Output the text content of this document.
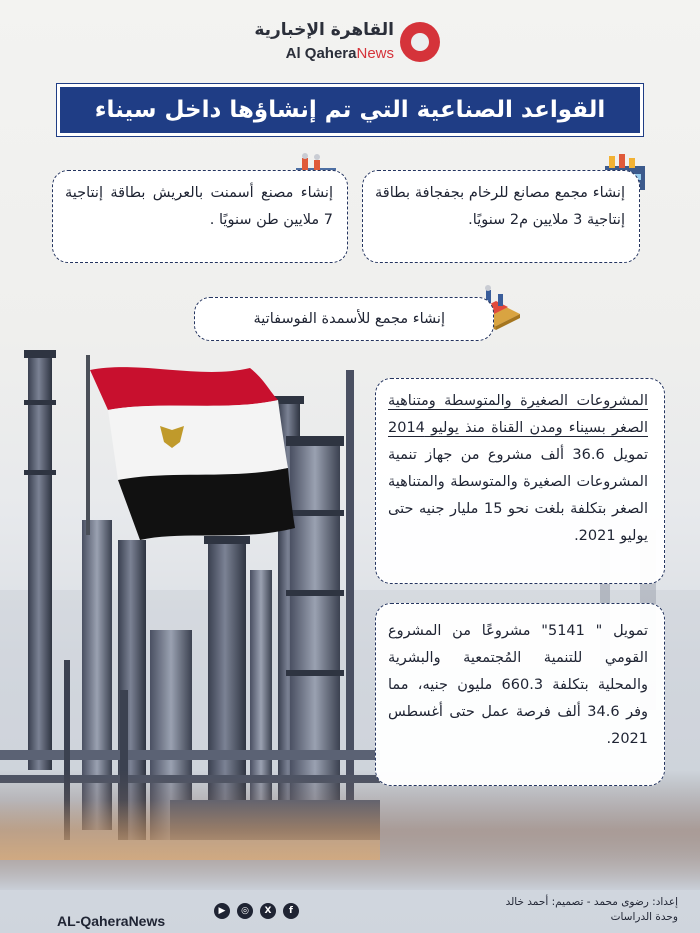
القاهرة الإخبارية
Al QaheraNews
القواعد الصناعية التي تم إنشاؤها داخل سيناء

إنشاء مجمع مصانع للرخام بجفجافة بطاقة إنتاجية 3 ملايين م2 سنويًا.

إنشاء مصنع أسمنت بالعريش بطاقة إنتاجية 7 ملايين طن سنويًا .

إنشاء مجمع للأسمدة الفوسفاتية

المشروعات الصغيرة والمتوسطة ومتناهية الصغر بسيناء ومدن القناة منذ يوليو 2014 تمويل 36.6 ألف مشروع من جهاز تنمية المشروعات الصغيرة والمتوسطة والمتناهية الصغر بتكلفة بلغت نحو 15 مليار جنيه حتى يوليو 2021.

تمويل " 5141" مشروعًا من المشروع القومي للتنمية المُجتمعية والبشرية والمحلية بتكلفة 660.3 مليون جنيه، مما وفر 34.6 ألف فرصة عمل حتى أغسطس 2021.

AL-QaheraNews
▶	◎	X	f
إعداد: رضوى محمد - تصميم: أحمد خالد
وحدة الدراسات
